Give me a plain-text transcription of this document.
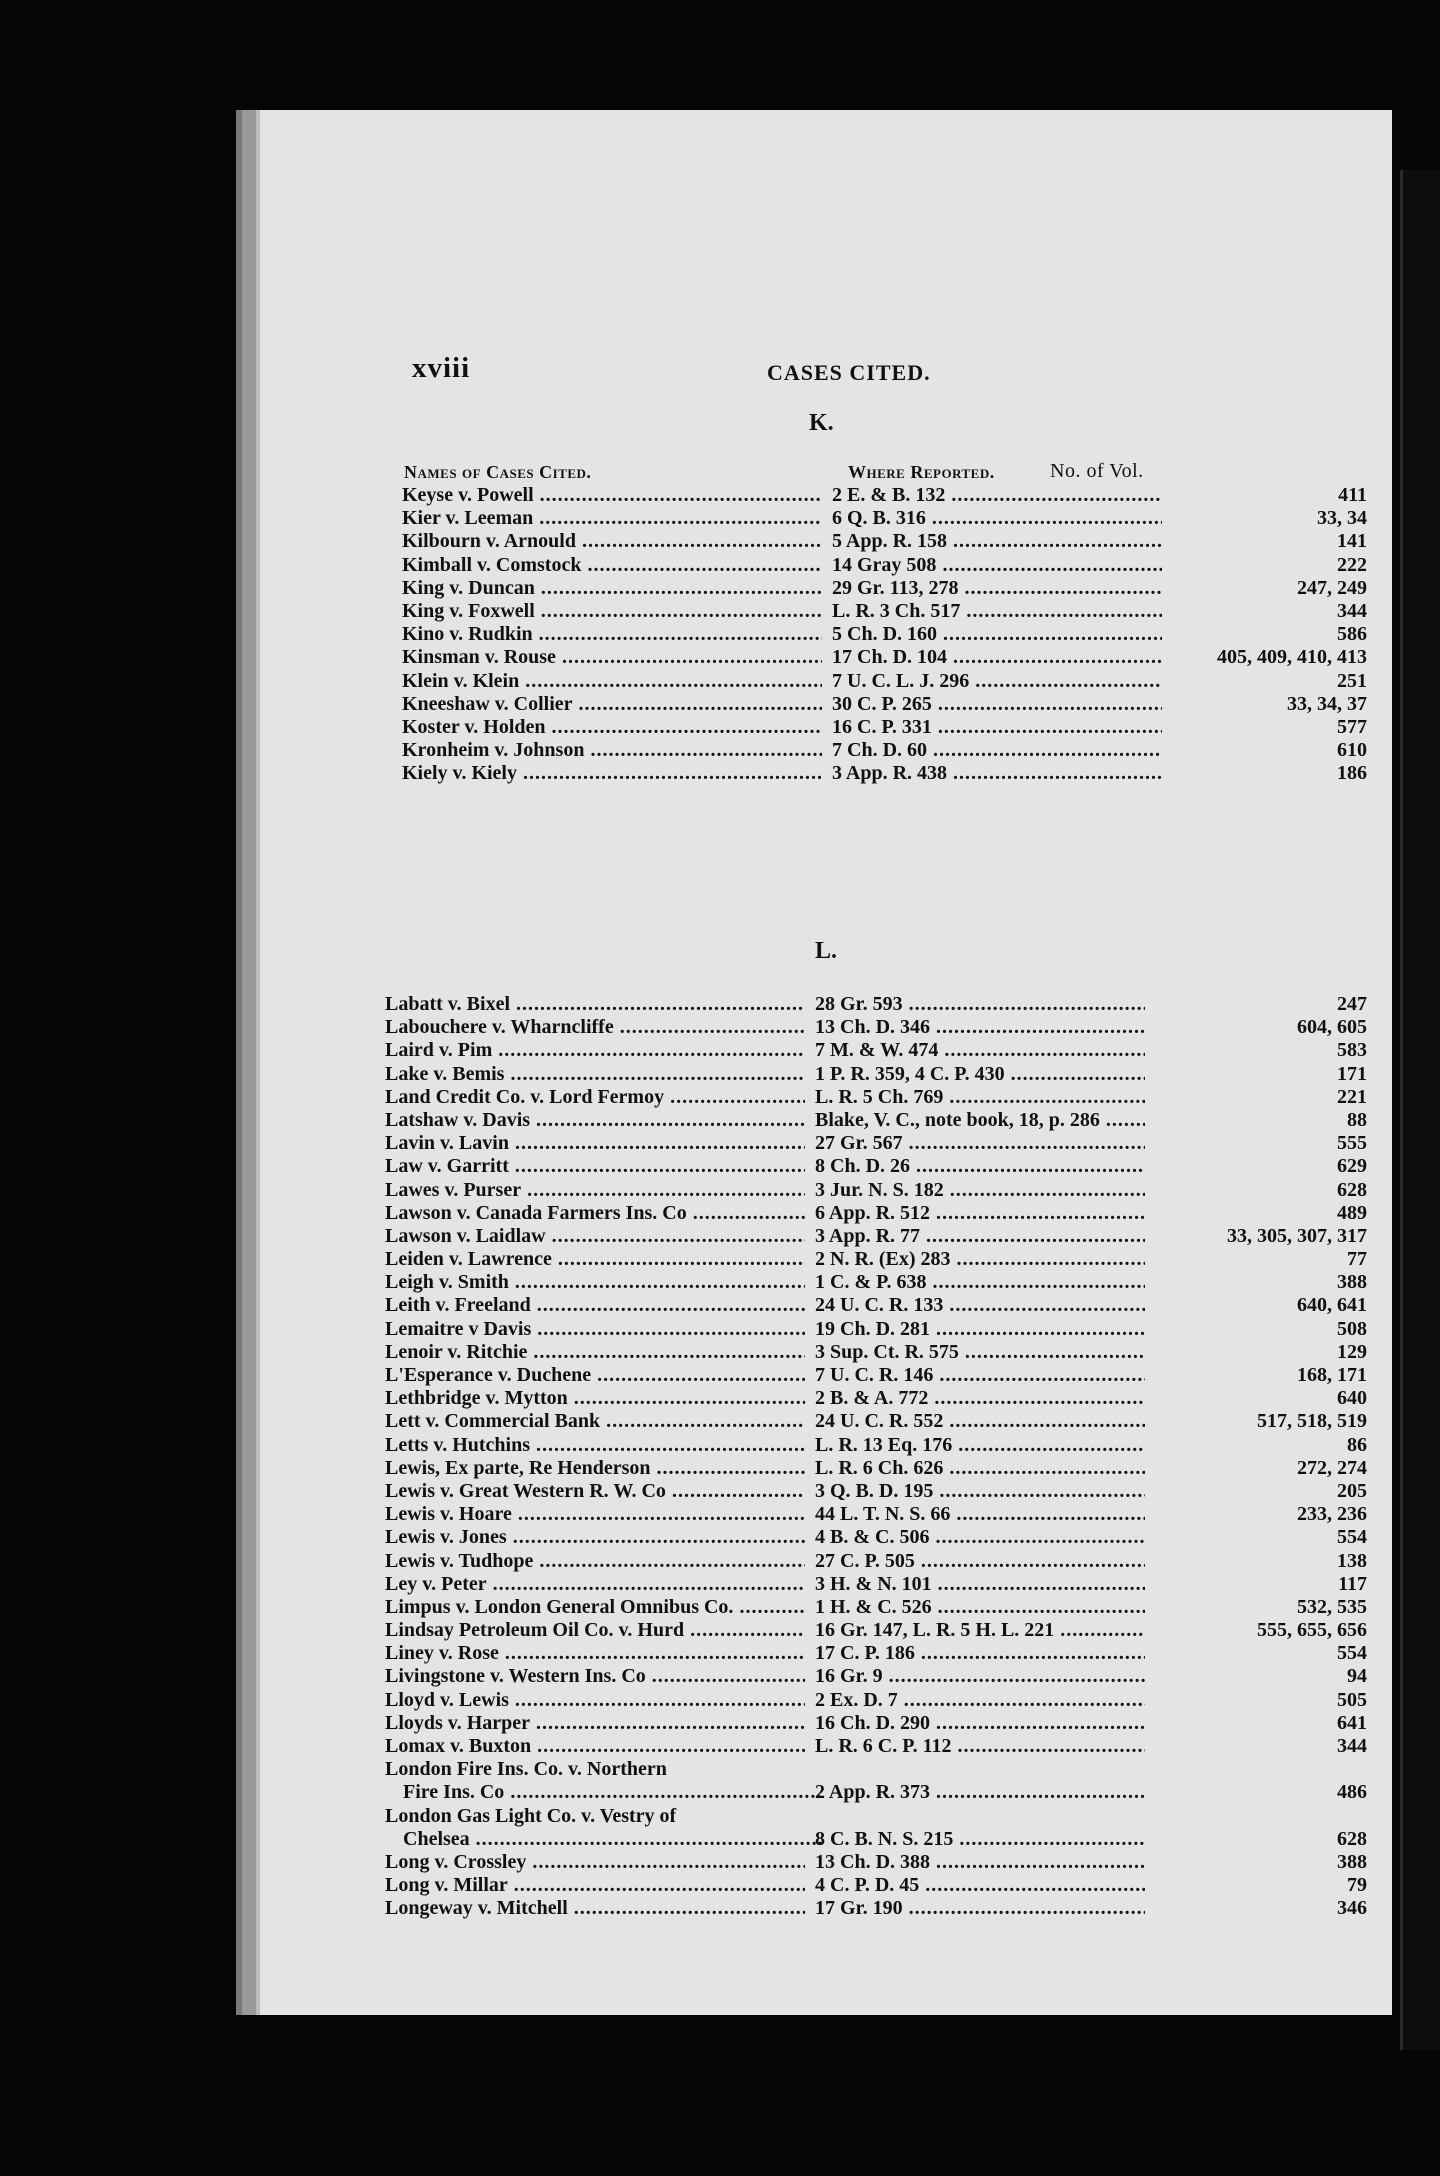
xviii	CASES CITED.
K.
Names of Cases Cited.	Where Reported.	No. of Vol.
Keyse v. Powell .....	2 E. & B. 132 .....	411
Kier v. Leeman .....	6 Q. B. 316 .....	33, 34
Kilbourn v. Arnould .....	5 App. R. 158 .....	141
Kimball v. Comstock .....	14 Gray 508 .....	222
King v. Duncan .....	29 Gr. 113, 278 .....	247, 249
King v. Foxwell .....	L. R. 3 Ch. 517 .....	344
Kino v. Rudkin .....	5 Ch. D. 160 .....	586
Kinsman v. Rouse .....	17 Ch. D. 104 .....	405, 409, 410, 413
Klein v. Klein .....	7 U. C. L. J. 296 .....	251
Kneeshaw v. Collier .....	30 C. P. 265 .....	33, 34, 37
Koster v. Holden .....	16 C. P. 331 .....	577
Kronheim v. Johnson .....	7 Ch. D. 60 .....	610
Kiely v. Kiely .....	3 App. R. 438 .....	186
L.
Labatt v. Bixel .....	28 Gr. 593 .....	247
Labouchere v. Wharncliffe .....	13 Ch. D. 346 .....	604, 605
Laird v. Pim .....	7 M. & W. 474 .....	583
Lake v. Bemis .....	1 P. R. 359, 4 C. P. 430 .....	171
Land Credit Co. v. Lord Fermoy .....	L. R. 5 Ch. 769 .....	221
Latshaw v. Davis .....	Blake, V. C., note book, 18, p. 286 .....	88
Lavin v. Lavin .....	27 Gr. 567 .....	555
Law v. Garritt .....	8 Ch. D. 26 .....	629
Lawes v. Purser .....	3 Jur. N. S. 182 .....	628
Lawson v. Canada Farmers Ins. Co .....	6 App. R. 512 .....	489
Lawson v. Laidlaw .....	3 App. R. 77 .....	33, 305, 307, 317
Leiden v. Lawrence .....	2 N. R. (Ex) 283 .....	77
Leigh v. Smith .....	1 C. & P. 638 .....	388
Leith v. Freeland .....	24 U. C. R. 133 .....	640, 641
Lemaitre v Davis .....	19 Ch. D. 281 .....	508
Lenoir v. Ritchie .....	3 Sup. Ct. R. 575 .....	129
L'Esperance v. Duchene .....	7 U. C. R. 146 .....	168, 171
Lethbridge v. Mytton .....	2 B. & A. 772 .....	640
Lett v. Commercial Bank .....	24 U. C. R. 552 .....	517, 518, 519
Letts v. Hutchins .....	L. R. 13 Eq. 176 .....	86
Lewis, Ex parte, Re Henderson .....	L. R. 6 Ch. 626 .....	272, 274
Lewis v. Great Western R. W. Co .....	3 Q. B. D. 195 .....	205
Lewis v. Hoare .....	44 L. T. N. S. 66 .....	233, 236
Lewis v. Jones .....	4 B. & C. 506 .....	554
Lewis v. Tudhope .....	27 C. P. 505 .....	138
Ley v. Peter .....	3 H. & N. 101 .....	117
Limpus v. London General Omnibus Co. .....	1 H. & C. 526 .....	532, 535
Lindsay Petroleum Oil Co. v. Hurd .....	16 Gr. 147, L. R. 5 H. L. 221 .....	555, 655, 656
Liney v. Rose .....	17 C. P. 186 .....	554
Livingstone v. Western Ins. Co .....	16 Gr. 9 .....	94
Lloyd v. Lewis .....	2 Ex. D. 7 .....	505
Lloyds v. Harper .....	16 Ch. D. 290 .....	641
Lomax v. Buxton .....	L. R. 6 C. P. 112 .....	344
London Fire Ins. Co. v. Northern
Fire Ins. Co .....	2 App. R. 373 .....	486
London Gas Light Co. v. Vestry of
Chelsea .....	8 C. B. N. S. 215 .....	628
Long v. Crossley .....	13 Ch. D. 388 .....	388
Long v. Millar .....	4 C. P. D. 45 .....	79
Longeway v. Mitchell .....	17 Gr. 190 .....	346
